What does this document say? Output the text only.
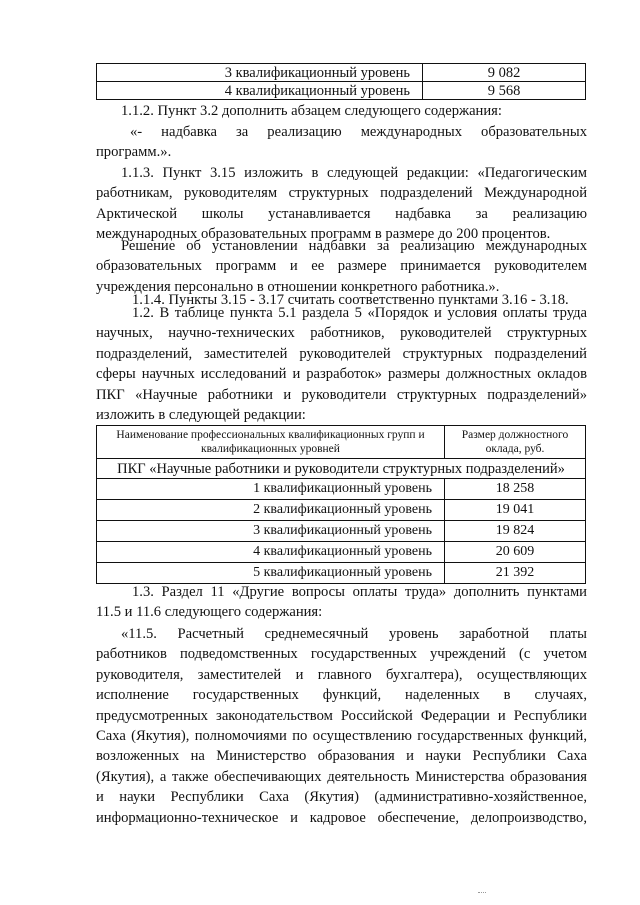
3 квалификационный уровень	9 082
4 квалификационный уровень	9 568
1.1.2. Пункт 3.2 дополнить абзацем следующего содержания:
«- надбавка за реализацию международных образовательных
программ.».
1.1.3. Пункт 3.15 изложить в следующей редакции: «Педагогическим
работникам, руководителям структурных подразделений Международной
Арктической школы устанавливается надбавка за реализацию
международных образовательных программ в размере до 200 процентов.
Решение об установлении надбавки за реализацию международных
образовательных программ и ее размере принимается руководителем
учреждения персонально в отношении конкретного работника.».
1.1.4. Пункты 3.15 - 3.17 считать соответственно пунктами 3.16 - 3.18.
1.2. В таблице пункта 5.1 раздела 5 «Порядок и условия оплаты труда
научных, научно-технических работников, руководителей структурных
подразделений, заместителей руководителей структурных подразделений
сферы научных исследований и разработок» размеры должностных окладов
ПКГ «Научные работники и руководители структурных подразделений»
изложить в следующей редакции:
Наименование профессиональных квалификационных групп и квалификационных уровней	Размер должностного оклада, руб.
ПКГ «Научные работники и руководители структурных подразделений»	
1 квалификационный уровень	18 258
2 квалификационный уровень	19 041
3 квалификационный уровень	19 824
4 квалификационный уровень	20 609
5 квалификационный уровень	21 392
1.3. Раздел 11 «Другие вопросы оплаты труда» дополнить пунктами
11.5 и 11.6 следующего содержания:
«11.5. Расчетный среднемесячный уровень заработной платы
работников подведомственных государственных учреждений (с учетом
руководителя, заместителей и главного бухгалтера), осуществляющих
исполнение государственных функций, наделенных в случаях,
предусмотренных законодательством Российской Федерации и Республики
Саха (Якутия), полномочиями по осуществлению государственных функций,
возложенных на Министерство образования и науки Республики Саха
(Якутия), а также обеспечивающих деятельность Министерства образования
и науки Республики Саха (Якутия) (административно-хозяйственное,
информационно-техническое и кадровое обеспечение, делопроизводство,
